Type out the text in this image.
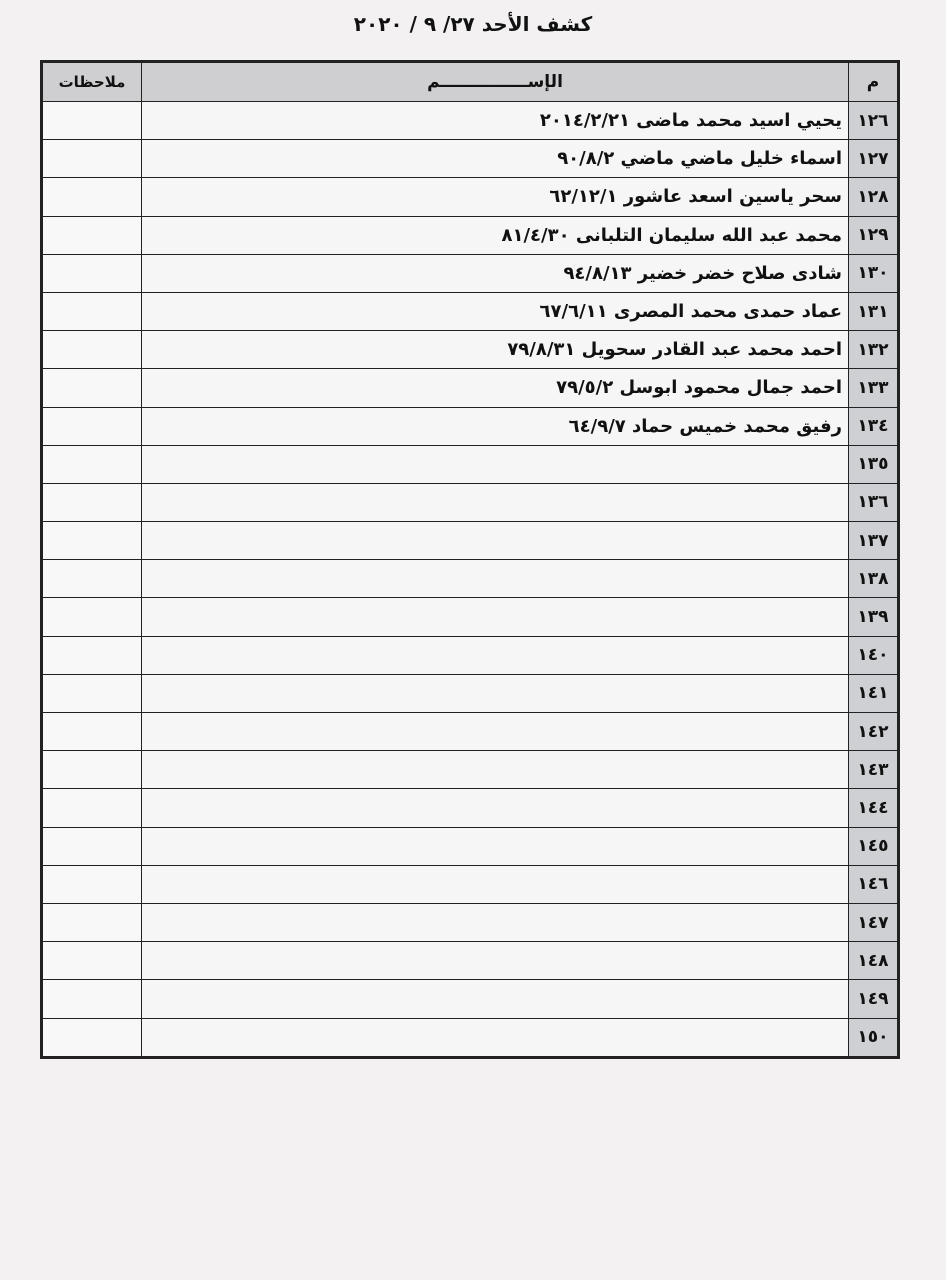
كشف الأحد ٢٧/ ٩ / ٢٠٢٠
م	الإســـــــــــــــم	ملاحظات
١٢٦	يحيي اسيد محمد ماضى ٢٠١٤/٢/٢١	
١٢٧	اسماء خليل ماضي ماضي ٩٠/٨/٢	
١٢٨	سحر ياسين اسعد عاشور ٦٢/١٢/١	
١٢٩	محمد عبد الله سليمان التلبانى ٨١/٤/٣٠	
١٣٠	شادى صلاح خضر خضير ٩٤/٨/١٣	
١٣١	عماد حمدى محمد المصرى ٦٧/٦/١١	
١٣٢	احمد محمد عبد القادر سحويل ٧٩/٨/٣١	
١٣٣	احمد جمال محمود ابوسل ٧٩/٥/٢	
١٣٤	رفيق محمد خميس حماد ٦٤/٩/٧	
١٣٥		
١٣٦		
١٣٧		
١٣٨		
١٣٩		
١٤٠		
١٤١		
١٤٢		
١٤٣		
١٤٤		
١٤٥		
١٤٦		
١٤٧		
١٤٨		
١٤٩		
١٥٠		
